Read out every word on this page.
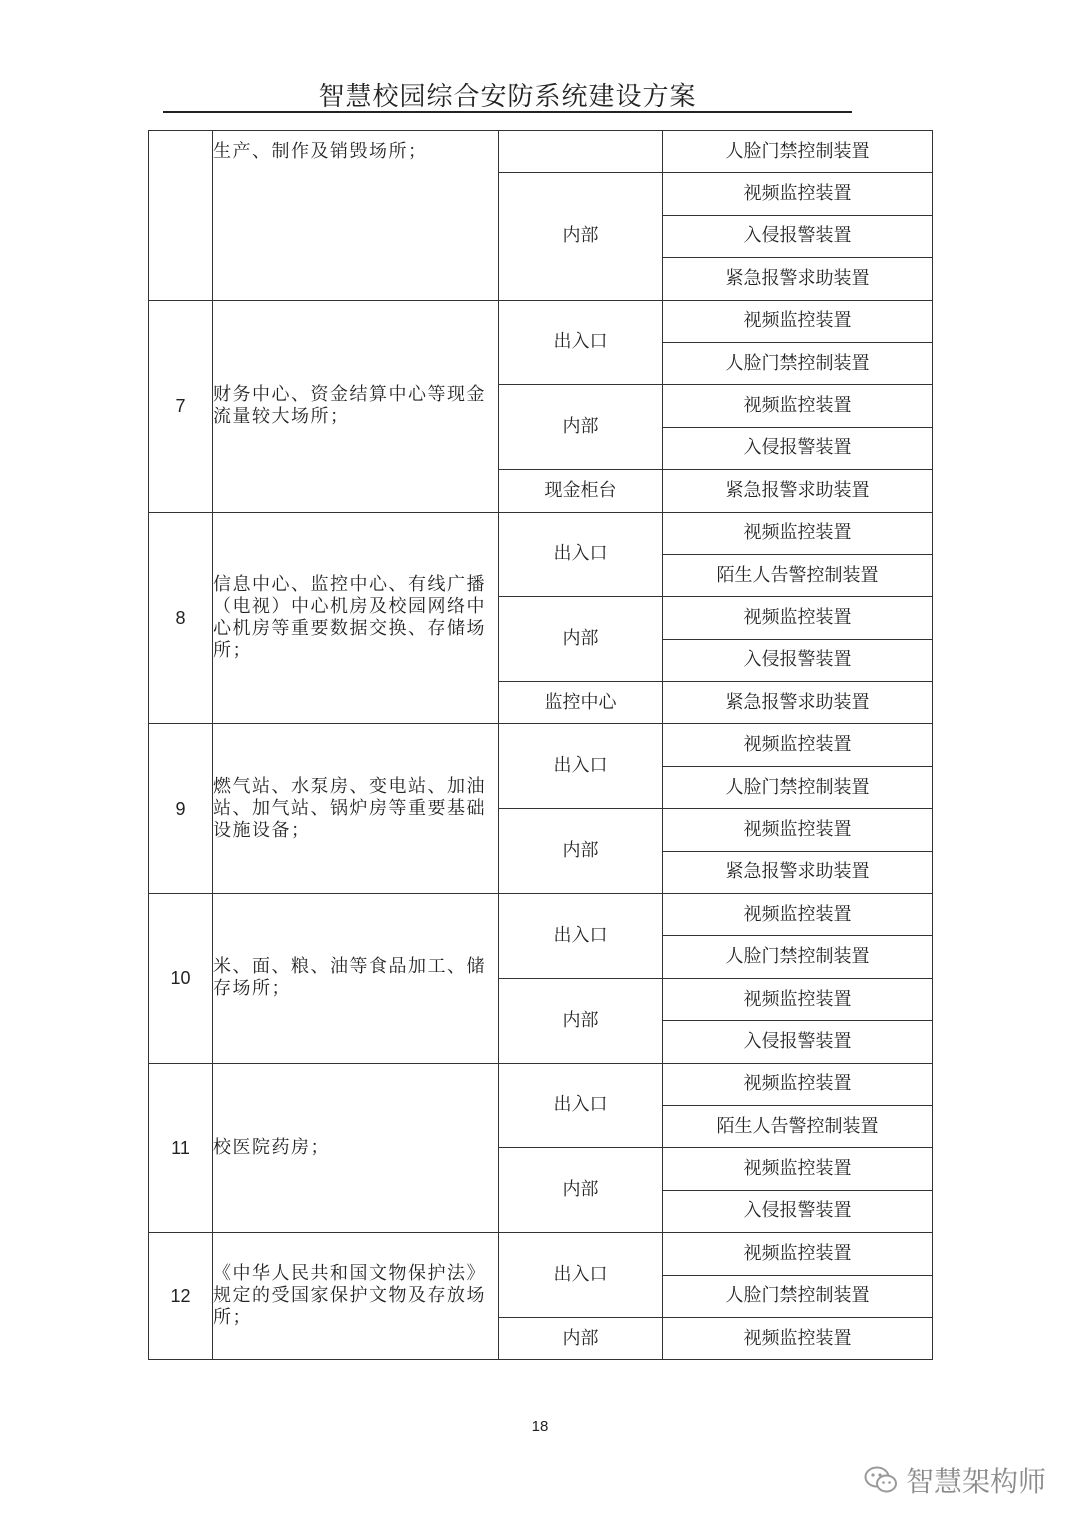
智慧校园综合安防系统建设方案
	生产、制作及销毁场所；		人脸门禁控制装置
		内部	视频监控装置
			入侵报警装置
			紧急报警求助装置
7	财务中心、资金结算中心等现金流量较大场所；	出入口	视频监控装置
			人脸门禁控制装置
		内部	视频监控装置
			入侵报警装置
		现金柜台	紧急报警求助装置
8	信息中心、监控中心、有线广播（电视）中心机房及校园网络中心机房等重要数据交换、存储场所；	出入口	视频监控装置
			陌生人告警控制装置
		内部	视频监控装置
			入侵报警装置
		监控中心	紧急报警求助装置
9	燃气站、水泵房、变电站、加油站、加气站、锅炉房等重要基础设施设备；	出入口	视频监控装置
			人脸门禁控制装置
		内部	视频监控装置
			紧急报警求助装置
10	米、面、粮、油等食品加工、储存场所；	出入口	视频监控装置
			人脸门禁控制装置
		内部	视频监控装置
			入侵报警装置
11	校医院药房；	出入口	视频监控装置
			陌生人告警控制装置
		内部	视频监控装置
			入侵报警装置
12	《中华人民共和国文物保护法》规定的受国家保护文物及存放场所；	出入口	视频监控装置
			人脸门禁控制装置
		内部	视频监控装置
18
智慧架构师
